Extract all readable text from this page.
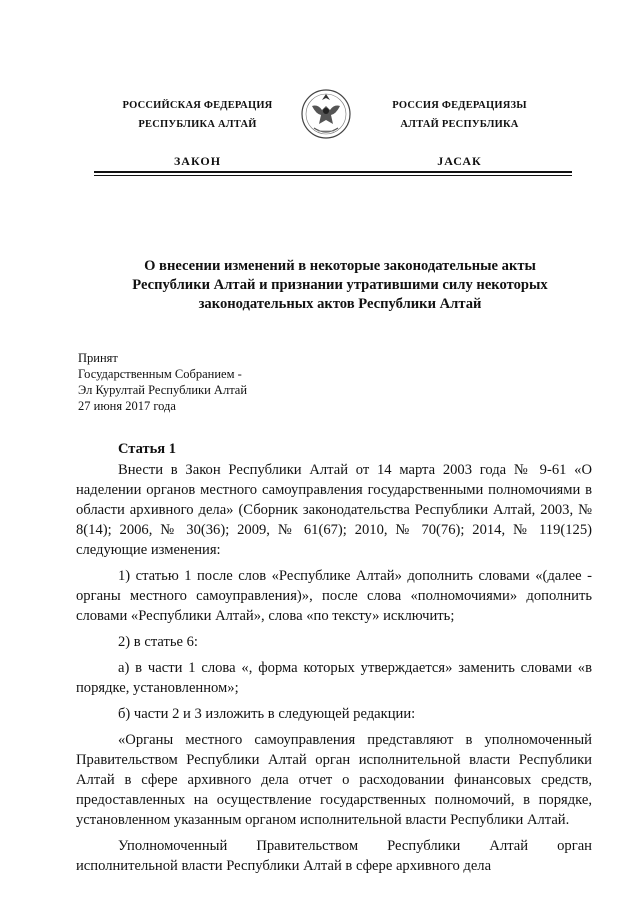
РОССИЙСКАЯ ФЕДЕРАЦИЯ
РЕСПУБЛИКА АЛТАЙ
ЗАКОН
РОССИЯ ФЕДЕРАЦИЯЗЫ
АЛТАЙ РЕСПУБЛИКА
JАСАК
О внесении изменений в некоторые законодательные акты Республики Алтай и признании утратившими силу некоторых законодательных актов Республики Алтай
Принят
Государственным Собранием -
Эл Курултай Республики Алтай
27 июня 2017 года
Статья 1

Внести в Закон Республики Алтай от 14 марта 2003 года № 9-61 «О наделении органов местного самоуправления государственными полномочиями в области архивного дела» (Сборник законодательства Республики Алтай, 2003, № 8(14); 2006, № 30(36); 2009, № 61(67); 2010, № 70(76); 2014, № 119(125) следующие изменения:

1) статью 1 после слов «Республике Алтай» дополнить словами «(далее - органы местного самоуправления)», после слова «полномочиями» дополнить словами «Республики Алтай», слова «по тексту» исключить;

2) в статье 6:

а) в части 1 слова «, форма которых утверждается» заменить словами «в порядке, установленном»;

б) части 2 и 3 изложить в следующей редакции:

«Органы местного самоуправления представляют в уполномоченный Правительством Республики Алтай орган исполнительной власти Республики Алтай в сфере архивного дела отчет о расходовании финансовых средств, предоставленных на осуществление государственных полномочий, в порядке, установленном указанным органом исполнительной власти Республики Алтай.

Уполномоченный Правительством Республики Алтай орган исполнительной власти Республики Алтай в сфере архивного дела
